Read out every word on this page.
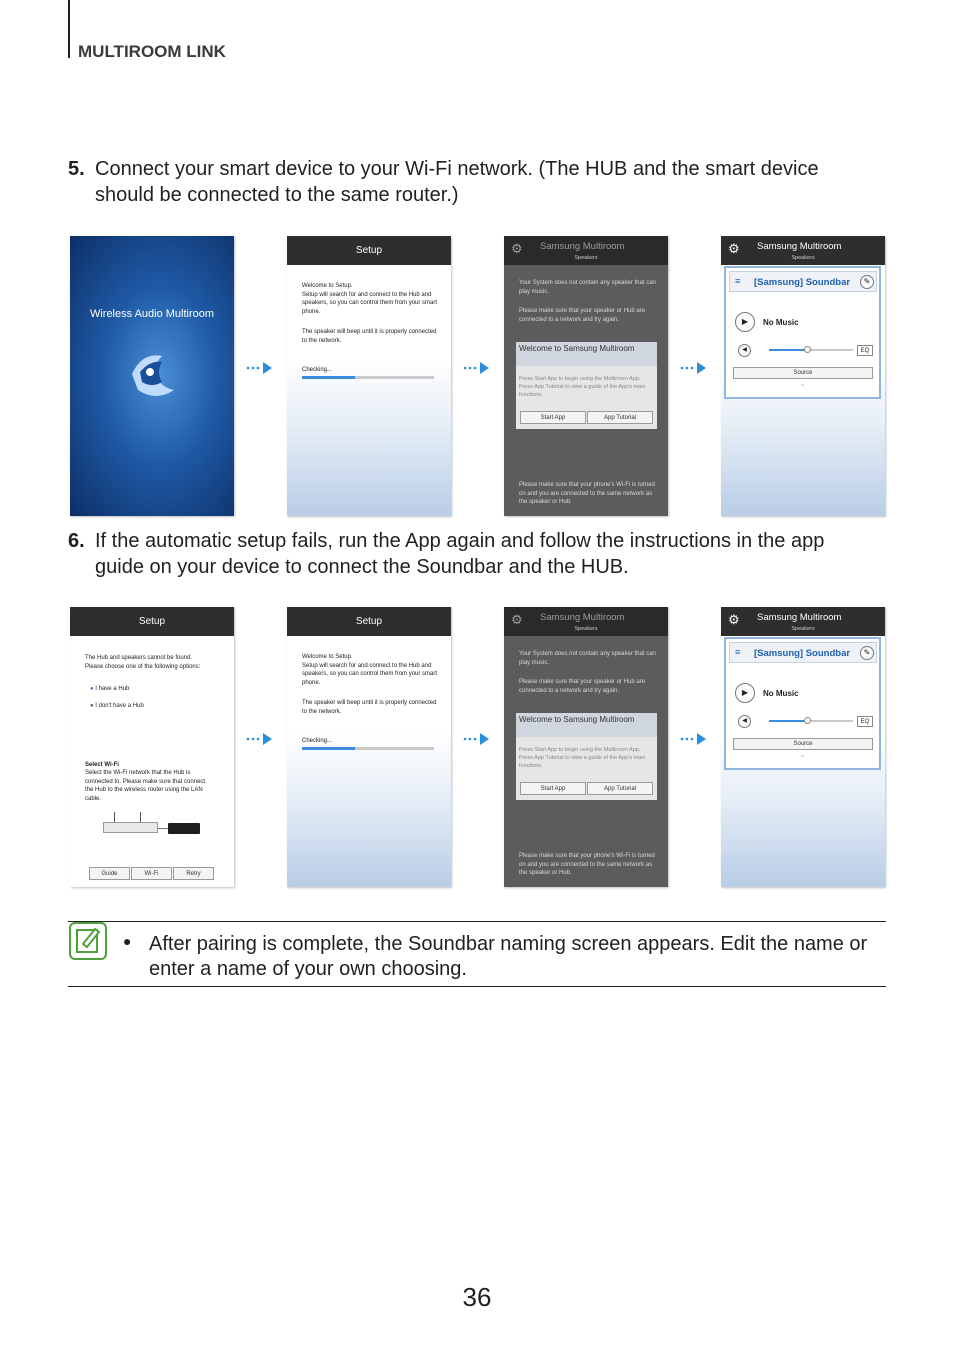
MULTIROOM LINK
5. Connect your smart device to your Wi-Fi network. (The HUB and the smart device should be connected to the same router.)
Wireless Audio Multiroom
Setup
Welcome to Setup.
Setup will search for and connect to the Hub and speakers, so you can control them from your smart phone.
The speaker will beep until it is properly connected to the network.
Checking...
⚙ Samsung Multiroom
Speakers
Your System does not contain any speaker that can play music.
Please make sure that your speaker or Hub are connected to a network and try again.
Welcome to Samsung Multiroom
Press Start App to begin using the Multiroom App. Press App Tutorial to view a guide of the App's main functions.
Start App	App Tutorial
Please make sure that your phone's Wi-Fi is turned on and you are connected to the same network as the speaker or Hub.
⚙ Samsung Multiroom
Speakers
≡ [Samsung] Soundbar	✎
▶	No Music
◀	EQ
Source
^
6. If the automatic setup fails, run the App again and follow the instructions in the app guide on your device to connect the Soundbar and the HUB.
Setup
The Hub and speakers cannot be found. Please choose one of the following options:
● I have a Hub
● I don't have a Hub
Select Wi-Fi
Select the Wi-Fi network that the Hub is connected to. Please make sure that connect the Hub to the wireless router using the LAN cable.
Guide	Wi-Fi	Retry
Setup
Welcome to Setup.
Setup will search for and connect to the Hub and speakers, so you can control them from your smart phone.
The speaker will beep until it is properly connected to the network.
Checking...
⚙ Samsung Multiroom
Speakers
Your System does not contain any speaker that can play music.
Please make sure that your speaker or Hub are connected to a network and try again.
Welcome to Samsung Multiroom
Press Start App to begin using the Multiroom App. Press App Tutorial to view a guide of the App's main functions.
Start App	App Tutorial
Please make sure that your phone's Wi-Fi is turned on and you are connected to the same network as the speaker or Hub.
⚙ Samsung Multiroom
Speakers
≡ [Samsung] Soundbar	✎
▶	No Music
◀	EQ
Source
^
● After pairing is complete, the Soundbar naming screen appears. Edit the name or enter a name of your own choosing.
36
